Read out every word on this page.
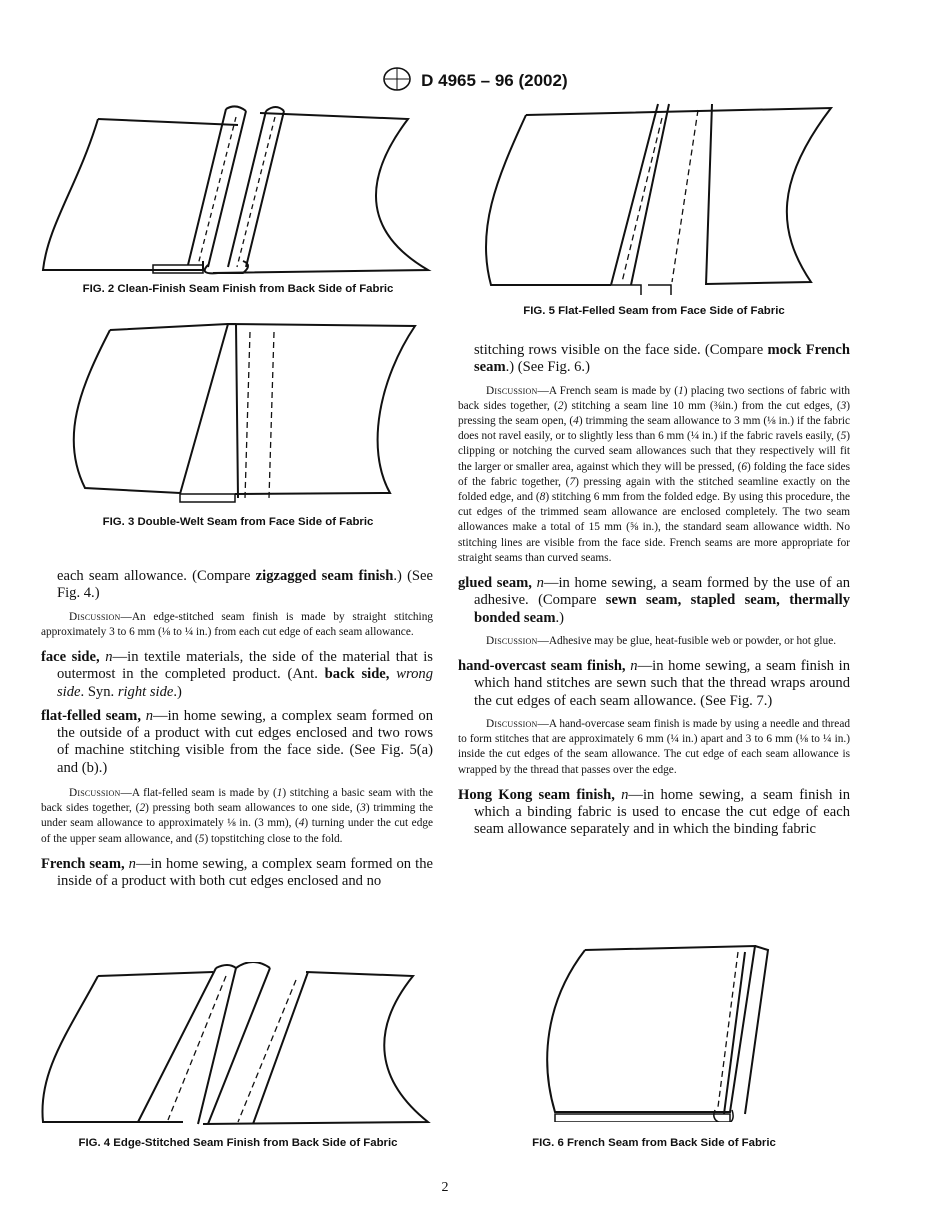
D 4965 – 96 (2002)
FIG. 2 Clean-Finish Seam Finish from Back Side of Fabric
FIG. 3 Double-Welt Seam from Face Side of Fabric
FIG. 5 Flat-Felled Seam from Face Side of Fabric

each seam allowance. (Compare zigzagged seam finish.) (See Fig. 4.)

Discussion—An edge-stitched seam finish is made by straight stitching approximately 3 to 6 mm (⅛ to ¼ in.) from each cut edge of each seam allowance.

face side, n—in textile materials, the side of the material that is outermost in the completed product. (Ant. back side, wrong side. Syn. right side.)

flat-felled seam, n—in home sewing, a complex seam formed on the outside of a product with cut edges enclosed and two rows of machine stitching visible from the face side. (See Fig. 5(a) and (b).)

Discussion—A flat-felled seam is made by (1) stitching a basic seam with the back sides together, (2) pressing both seam allowances to one side, (3) trimming the under seam allowance to approximately ⅛ in. (3 mm), (4) turning under the cut edge of the upper seam allowance, and (5) topstitching close to the fold.

French seam, n—in home sewing, a complex seam formed on the inside of a product with both cut edges enclosed and no

stitching rows visible on the face side. (Compare mock French seam.) (See Fig. 6.)

Discussion—A French seam is made by (1) placing two sections of fabric with back sides together, (2) stitching a seam line 10 mm (⅜in.) from the cut edges, (3) pressing the seam open, (4) trimming the seam allowance to 3 mm (⅛ in.) if the fabric does not ravel easily, or to slightly less than 6 mm (¼ in.) if the fabric ravels easily, (5) clipping or notching the curved seam allowances such that they respectively will fit the larger or smaller area, against which they will be pressed, (6) folding the face sides of the fabric together, (7) pressing again with the stitched seamline exactly on the folded edge, and (8) stitching 6 mm from the folded edge. By using this procedure, the cut edges of the trimmed seam allowance are enclosed completely. The two seam allowances make a total of 15 mm (⅝ in.), the standard seam allowance width. No stitching lines are visible from the face side. French seams are more appropriate for straight seams than curved seams.

glued seam, n—in home sewing, a seam formed by the use of an adhesive. (Compare sewn seam, stapled seam, thermally bonded seam.)

Discussion—Adhesive may be glue, heat-fusible web or powder, or hot glue.

hand-overcast seam finish, n—in home sewing, a seam finish in which hand stitches are sewn such that the thread wraps around the cut edges of each seam allowance. (See Fig. 7.)

Discussion—A hand-overcase seam finish is made by using a needle and thread to form stitches that are approximately 6 mm (¼ in.) apart and 3 to 6 mm (⅛ to ¼ in.) inside the cut edges of the seam allowance. The cut edge of each seam allowance is wrapped by the thread that passes over the edge.

Hong Kong seam finish, n—in home sewing, a seam finish in which a binding fabric is used to encase the cut edge of each seam allowance separately and in which the binding fabric

FIG. 4 Edge-Stitched Seam Finish from Back Side of Fabric	FIG. 6 French Seam from Back Side of Fabric
2
